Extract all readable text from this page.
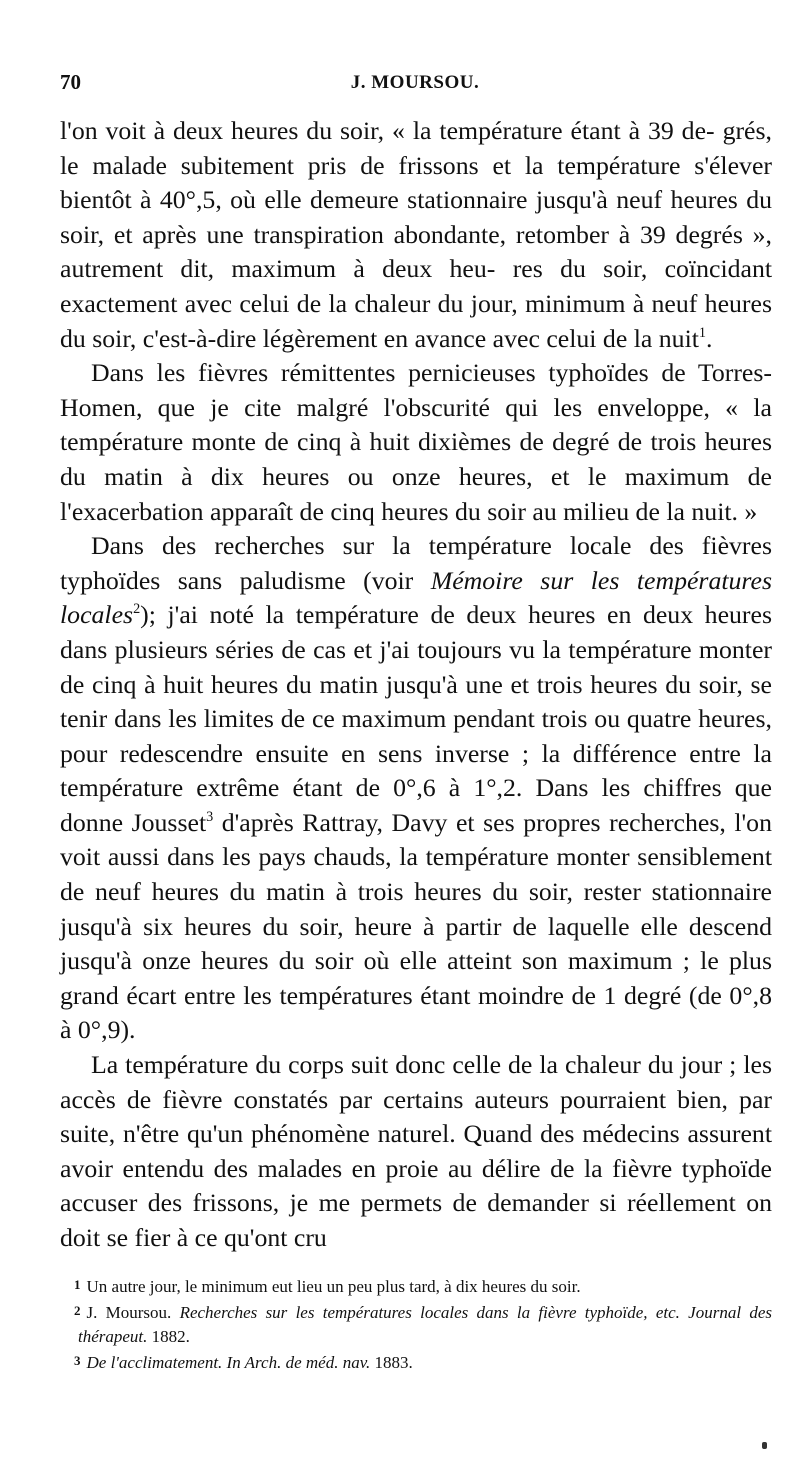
70	J. MOURSOU.

l'on voit à deux heures du soir, « la température étant à 39 de- grés, le malade subitement pris de frissons et la température s'élever bientôt à 40°,5, où elle demeure stationnaire jusqu'à neuf heures du soir, et après une transpiration abondante, retomber à 39 degrés », autrement dit, maximum à deux heu- res du soir, coïncidant exactement avec celui de la chaleur du jour, minimum à neuf heures du soir, c'est-à-dire légèrement en avance avec celui de la nuit$^1$.

Dans les fièvres rémittentes pernicieuses typhoïdes de Torres-Homen, que je cite malgré l'obscurité qui les enveloppe, « la température monte de cinq à huit dixièmes de degré de trois heures du matin à dix heures ou onze heures, et le maximum de l'exacerbation apparaît de cinq heures du soir au milieu de la nuit. »

Dans des recherches sur la température locale des fièvres typhoïdes sans paludisme (voir Mémoire sur les températures locales$^2$); j'ai noté la température de deux heures en deux heures dans plusieurs séries de cas et j'ai toujours vu la température monter de cinq à huit heures du matin jusqu'à une et trois heures du soir, se tenir dans les limites de ce maximum pendant trois ou quatre heures, pour redescendre ensuite en sens inverse ; la différence entre la température extrême étant de 0°,6 à 1°,2. Dans les chiffres que donne Jousset$^3$ d'après Rattray, Davy et ses propres recherches, l'on voit aussi dans les pays chauds, la température monter sensiblement de neuf heures du matin à trois heures du soir, rester stationnaire jusqu'à six heures du soir, heure à partir de laquelle elle descend jusqu'à onze heures du soir où elle atteint son maximum ; le plus grand écart entre les températures étant moindre de 1 degré (de 0°,8 à 0°,9).

La température du corps suit donc celle de la chaleur du jour ; les accès de fièvre constatés par certains auteurs pourraient bien, par suite, n'être qu'un phénomène naturel. Quand des médecins assurent avoir entendu des malades en proie au délire de la fièvre typhoïde accuser des frissons, je me permets de demander si réellement on doit se fier à ce qu'ont cru

1 Un autre jour, le minimum eut lieu un peu plus tard, à dix heures du soir.

2 J. Moursou. Recherches sur les températures locales dans la fièvre typhoïde, etc. Journal des thérapeut. 1882.

3 De l'acclimatement. In Arch. de méd. nav. 1883.
